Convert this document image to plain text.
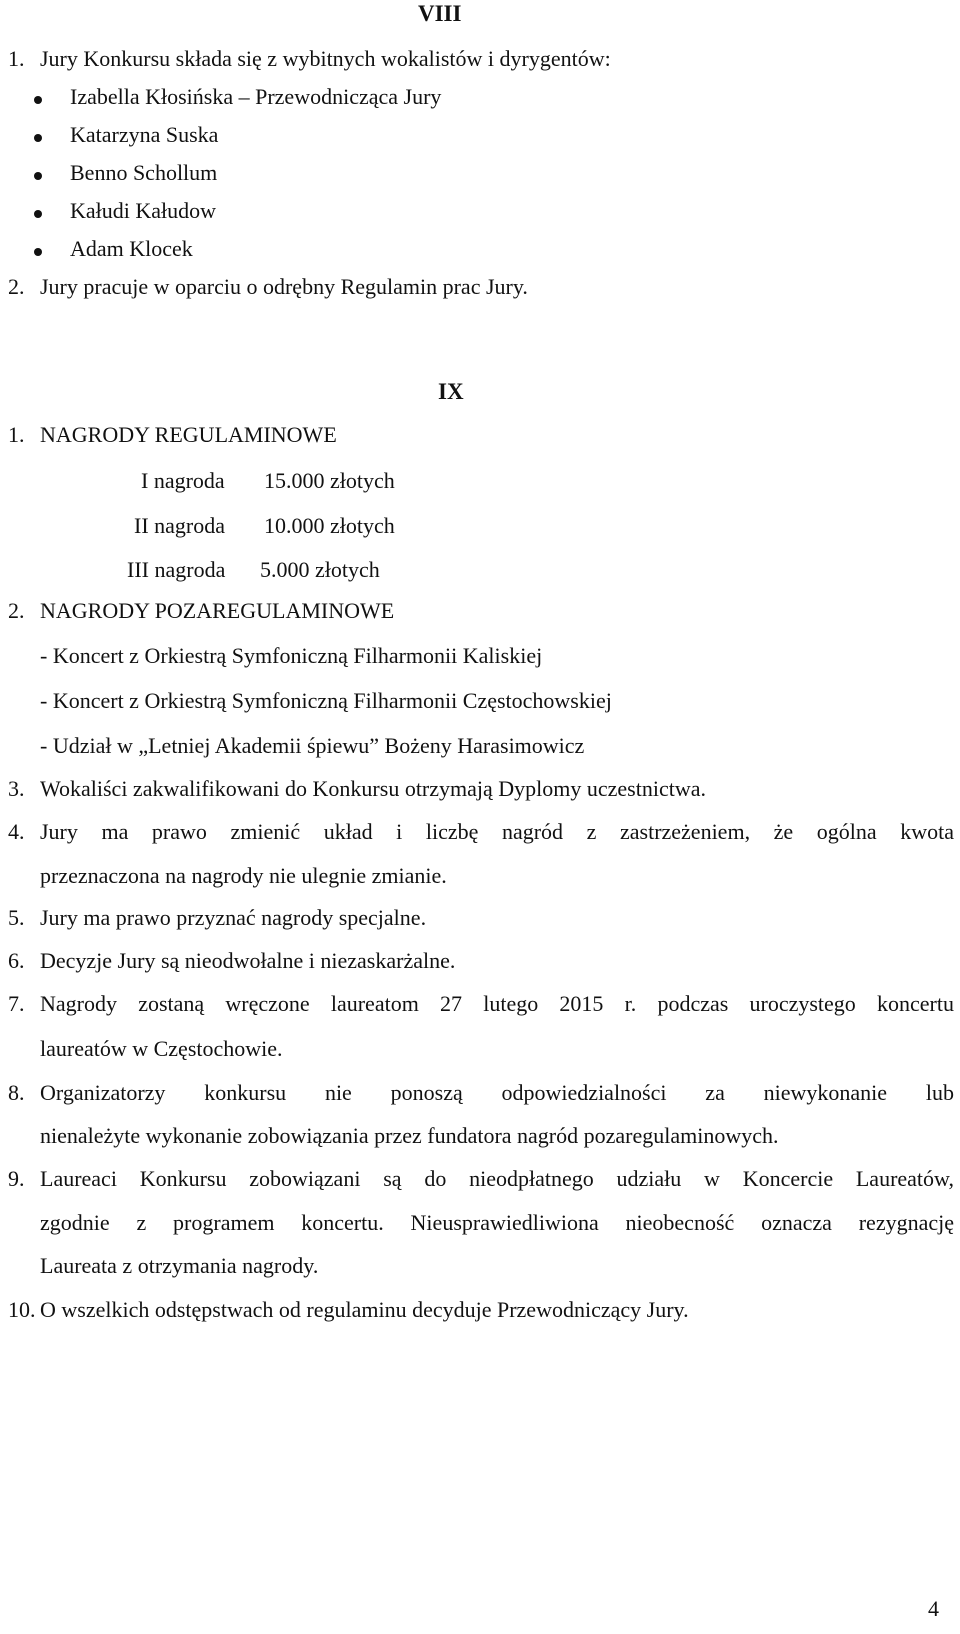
VIII
1. Jury Konkursu składa się z wybitnych wokalistów i dyrygentów:
Izabella Kłosińska – Przewodnicząca Jury
Katarzyna Suska
Benno Schollum
Kałudi Kałudow
Adam Klocek
2. Jury pracuje w oparciu o odrębny Regulamin prac Jury.
IX
1. NAGRODY REGULAMINOWE
I nagroda 15.000 złotych
II nagroda 10.000 złotych
III nagroda 5.000 złotych
2. NAGRODY POZAREGULAMINOWE
- Koncert z Orkiestrą Symfoniczną Filharmonii Kaliskiej
- Koncert z Orkiestrą Symfoniczną Filharmonii Częstochowskiej
- Udział w „Letniej Akademii śpiewu” Bożeny Harasimowicz
3. Wokaliści zakwalifikowani do Konkursu otrzymają Dyplomy uczestnictwa.
4. Jury ma prawo zmienić układ i liczbę nagród z zastrzeżeniem, że ogólna kwota
przeznaczona na nagrody nie ulegnie zmianie.
5. Jury ma prawo przyznać nagrody specjalne.
6. Decyzje Jury są nieodwołalne i niezaskarżalne.
7. Nagrody zostaną wręczone laureatom 27 lutego 2015 r. podczas uroczystego koncertu
laureatów w Częstochowie.
8. Organizatorzy konkursu nie ponoszą odpowiedzialności za niewykonanie lub
nienależyte wykonanie zobowiązania przez fundatora nagród pozaregulaminowych.
9. Laureaci Konkursu zobowiązani są do nieodpłatnego udziału w Koncercie Laureatów,
zgodnie z programem koncertu. Nieusprawiedliwiona nieobecność oznacza rezygnację
Laureata z otrzymania nagrody.
10. O wszelkich odstępstwach od regulaminu decyduje Przewodniczący Jury.
4
